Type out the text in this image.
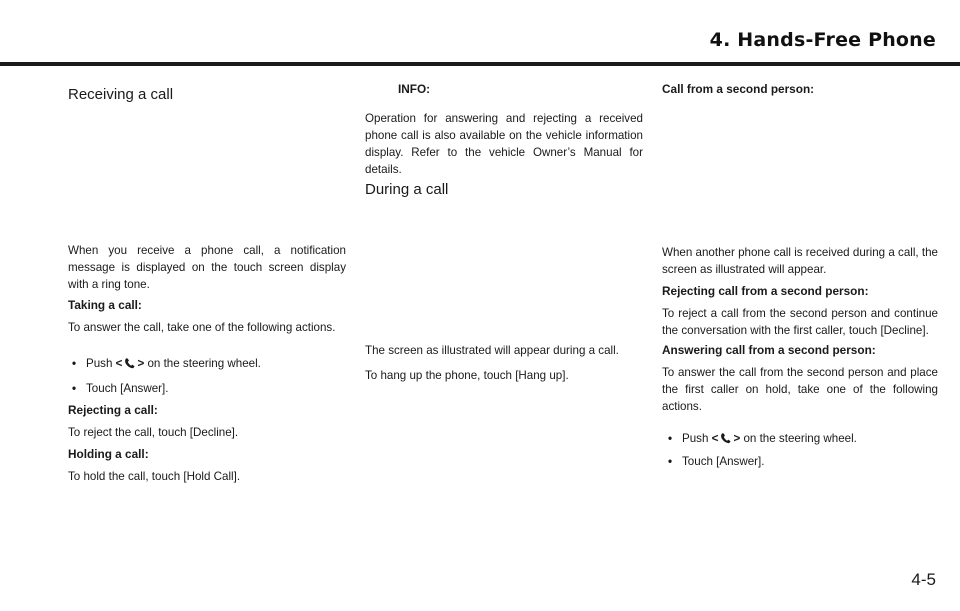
4. Hands-Free Phone
Receiving a call

When you receive a phone call, a notification message is displayed on the touch screen display with a ring tone.

Taking a call:

To answer the call, take one of the following actions.

• Push < > on the steering wheel.
• Touch [Answer].

Rejecting a call:

To reject the call, touch [Decline].

Holding a call:

To hold the call, touch [Hold Call].

INFO:
Operation for answering and rejecting a received phone call is also available on the vehicle information display. Refer to the vehicle Owner’s Manual for details.
During a call

The screen as illustrated will appear during a call.

To hang up the phone, touch [Hang up].

Call from a second person:

When another phone call is received during a call, the screen as illustrated will appear.

Rejecting call from a second person:

To reject a call from the second person and continue the conversation with the first caller, touch [Decline].

Answering call from a second person:

To answer the call from the second person and place the first caller on hold, take one of the following actions.

• Push < > on the steering wheel.
• Touch [Answer].
4-5
